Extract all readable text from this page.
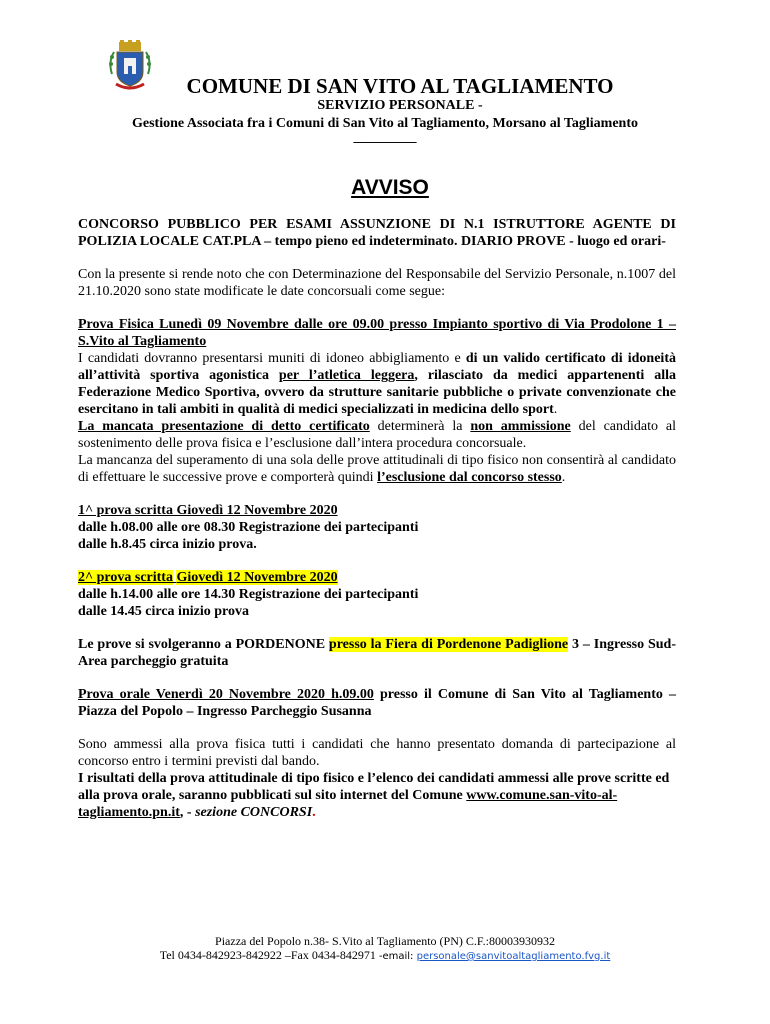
COMUNE DI SAN VITO AL TAGLIAMENTO
SERVIZIO PERSONALE -
Gestione Associata fra i Comuni di San Vito al Tagliamento, Morsano al Tagliamento
_________
AVVISO

CONCORSO PUBBLICO PER ESAMI ASSUNZIONE DI N.1 ISTRUTTORE AGENTE DI POLIZIA LOCALE CAT.PLA – tempo pieno ed indeterminato. DIARIO PROVE - luogo ed orari-

Con la presente si rende noto che con Determinazione del Responsabile del Servizio Personale, n.1007 del 21.10.2020 sono state modificate le date concorsuali come segue:

Prova Fisica Lunedì 09 Novembre dalle ore 09.00 presso Impianto sportivo di Via Prodolone 1 – S.Vito al Tagliamento

I candidati dovranno presentarsi muniti di idoneo abbigliamento e di un valido certificato di idoneità all’attività sportiva agonistica per l’atletica leggera, rilasciato da medici appartenenti alla Federazione Medico Sportiva, ovvero da strutture sanitarie pubbliche o private convenzionate che esercitano in tali ambiti in qualità di medici specializzati in medicina dello sport.

La mancata presentazione di detto certificato determinerà la non ammissione del candidato al sostenimento delle prova fisica e l’esclusione dall’intera procedura concorsuale.

La mancanza del superamento di una sola delle prove attitudinali di tipo fisico non consentirà al candidato di effettuare le successive prove e comporterà quindi l’esclusione dal concorso stesso.

1^ prova scritta Giovedì 12 Novembre 2020

dalle h.08.00 alle ore 08.30 Registrazione dei partecipanti

dalle h.8.45 circa inizio prova.

2^ prova scritta Giovedì 12 Novembre 2020

dalle h.14.00 alle ore 14.30 Registrazione dei partecipanti

dalle 14.45 circa inizio prova

Le prove si svolgeranno a PORDENONE presso la Fiera di Pordenone Padiglione 3 – Ingresso Sud- Area parcheggio gratuita

Prova orale Venerdì 20 Novembre 2020 h.09.00 presso il Comune di San Vito al Tagliamento – Piazza del Popolo – Ingresso Parcheggio Susanna

Sono ammessi alla prova fisica tutti i candidati che hanno presentato domanda di partecipazione al concorso entro i termini previsti dal bando.

I risultati della prova attitudinale di tipo fisico e l’elenco dei candidati ammessi alle prove scritte ed alla prova orale, saranno pubblicati sul sito internet del Comune www.comune.san-vito-al-tagliamento.pn.it, - sezione CONCORSI.

Piazza del Popolo n.38- S.Vito al Tagliamento (PN) C.F.:80003930932
Tel 0434-842923-842922 –Fax 0434-842971 -email: personale@sanvitoaltagliamento.fvg.it
